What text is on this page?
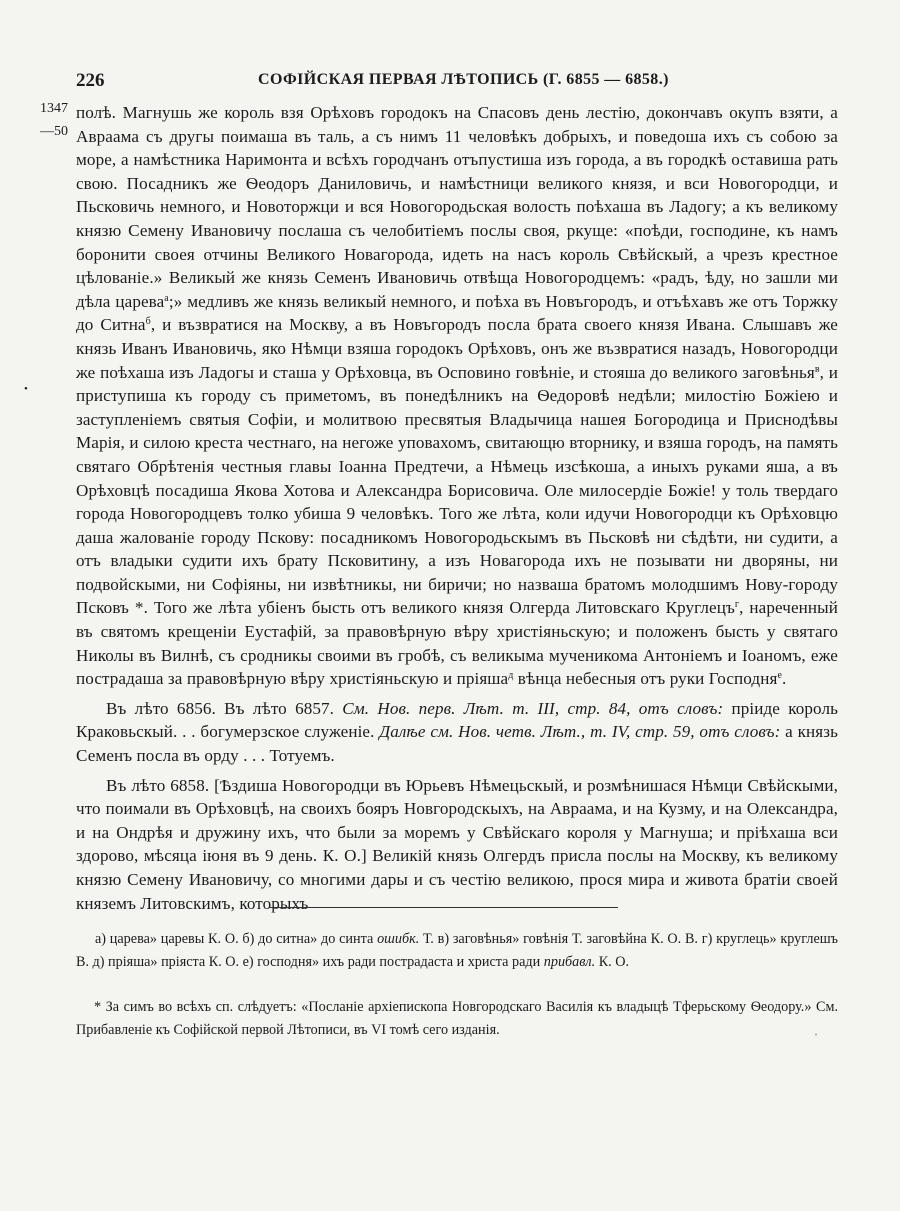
226	СОФІЙСКАЯ ПЕРВАЯ ЛѢТОПИСЬ (Г. 6855 — 6858.)
1347
—50
•

полѣ. Магнушь же король взя Орѣховъ городокъ на Спасовъ день лестію, докончавъ окупъ взяти, а Авраама съ другы поимаша въ таль, а съ нимъ 11 человѣкъ добрыхъ, и поведоша ихъ съ собою за море, а намѣстника Наримонта и всѣхъ городчанъ отъпустиша изъ города, а въ городкѣ оставиша рать свою. Посадникъ же Ѳеодоръ Даниловичь, и намѣстници великого князя, и вси Новогородци, и Пьсковичь немного, и Новоторжци и вся Новогородьская волость поѣхаша въ Ладогу; а къ великому князю Семену Ивановичу послаша съ челобитіемъ послы своя, ркуще: «поѣди, господине, къ намъ боронити своея отчины Великого Новагорода, идеть на насъ король Свѣйскый, а чрезъ крестное цѣлованіе.» Великый же князь Семенъ Ивановичь отвѣща Новогородцемъ: «радъ, ѣду, но зашли ми дѣла царева$^а$;» медливъ же князь великый немного, и поѣха въ Новъгородъ, и отъѣхавъ же отъ Торжку до Ситна$^б$, и възвратися на Москву, а въ Новъгородъ посла брата своего князя Ивана. Слышавъ же князь Иванъ Ивановичь, яко Нѣмци взяша городокъ Орѣховъ, онъ же възвратися назадъ, Новогородци же поѣхаша изъ Ладогы и сташа у Орѣховца, въ Осповино говѣніе, и стояша до великого заговѣнья$^в$, и приступиша къ городу съ приметомъ, въ понедѣлникъ на Ѳедоровѣ недѣли; милостію Божіею и заступленіемъ святыя Софіи, и молитвою пресвятыя Владычица нашея Богородица и Приснодѣвы Марія, и силою креста честнаго, на негоже уповахомъ, свитающю вторнику, и взяша городъ, на память святаго Обрѣтенія честныя главы Іоанна Предтечи, а Нѣмець изсѣкоша, а иныхъ руками яша, а въ Орѣховцѣ посадиша Якова Хотова и Александра Борисовича. Оле милосердіе Божіе! у толь твердаго города Новогородцевъ толко убиша 9 человѣкъ. Того же лѣта, коли идучи Новогородци къ Орѣховцю даша жалованіе городу Пскову: посадникомъ Новогородьскымъ въ Пьсковѣ ни сѣдѣти, ни судити, а отъ владыки судити ихъ брату Псковитину, а изъ Новагорода ихъ не позывати ни дворяны, ни подвойскыми, ни Софіяны, ни извѣтникы, ни биричи; но назваша братомъ молодшимъ Нову-городу Псковъ *. Того же лѣта убіенъ бысть отъ великого князя Олгерда Литовскаго Круглецъ$^г$, нареченный въ святомъ крещеніи Еустафій, за правовѣрную вѣру христіяньскую; и положенъ бысть у святаго Николы въ Вилнѣ, съ сродникы своими въ гробѣ, съ великыма мученикома Антоніемъ и Іоаномъ, еже пострадаша за правовѣрную вѣру христіяньскую и пріяша$^д$ вѣнца небесныя отъ руки Господня$^е$.

Въ лѣто 6856. Въ лѣто 6857. См. Нов. перв. Лѣт. т. III, стр. 84, отъ словъ: пріиде король Краковьскый. . . богумерзское служеніе. Далѣе см. Нов. четв. Лѣт., т. IV, стр. 59, отъ словъ: а князь Семенъ посла въ орду . . . Тотуемъ.

Въ лѣто 6858. [Ѣздиша Новогородци въ Юрьевъ Нѣмецьскый, и розмѣнишася Нѣмци Свѣйскыми, что поимали въ Орѣховцѣ, на своихъ бояръ Новгородскыхъ, на Авраама, и на Кузму, и на Олександра, и на Ондрѣя и дружину ихъ, что были за моремъ у Свѣйскаго короля у Магнуша; и пріѣхаша вси здорово, мѣсяца іюня въ 9 день. К. О.] Великій князь Олгердъ присла послы на Москву, къ великому князю Семену Ивановичу, со многими дары и съ честію великою, прося мира и живота братіи своей княземъ Литовскимъ, которыхъ

а) царева» царевы К. О. б) до ситна» до синта ошибк. Т. в) заговѣнья» говѣнія Т. заговѣйна К. О. В. г) круглець» круглешъ В. д) пріяша» пріяста К. О. е) господня» ихъ ради пострадаста и христа ради прибавл. К. О.

* За симъ во всѣхъ сп. слѣдуетъ: «Посланіе архіепископа Новгородскаго Василія къ владыцѣ Тферьскому Ѳеодору.» См. Прибавленіе къ Софійской первой Лѣтописи, въ VI томѣ сего изданія.	ˌ
